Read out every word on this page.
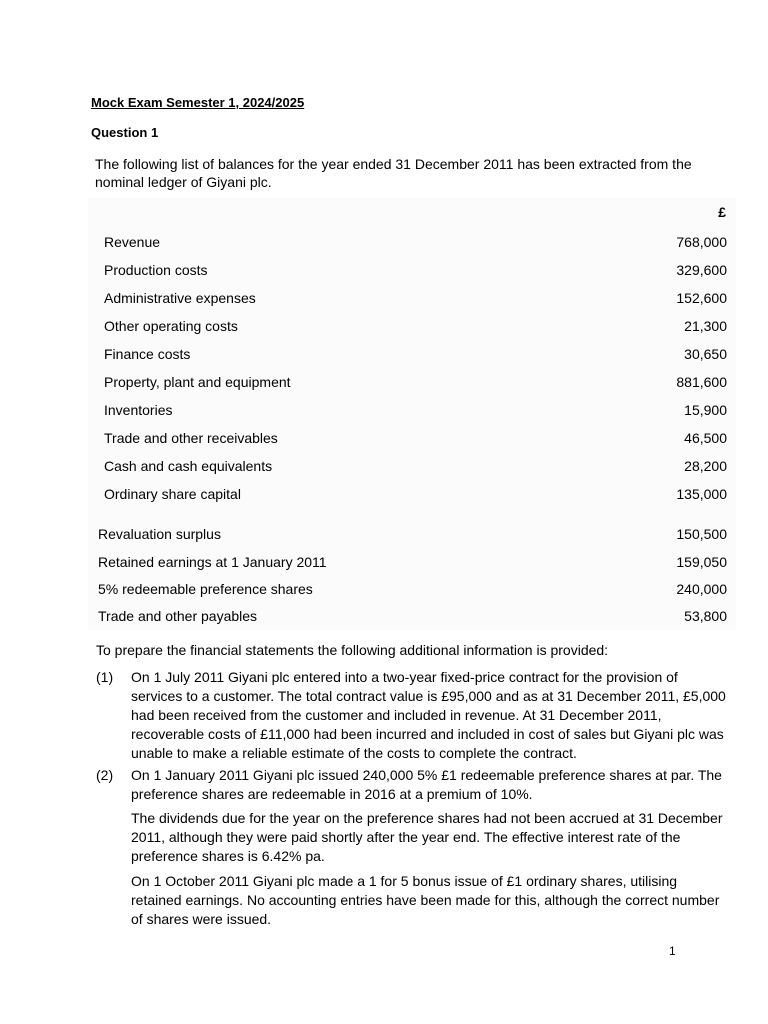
Mock Exam Semester 1, 2024/2025
Question 1
The following list of balances for the year ended 31 December 2011 has been extracted from the nominal ledger of Giyani plc.
£
Revenue	768,000
Production costs	329,600
Administrative expenses	152,600
Other operating costs	21,300
Finance costs	30,650
Property, plant and equipment	881,600
Inventories	15,900
Trade and other receivables	46,500
Cash and cash equivalents	28,200
Ordinary share capital	135,000
Revaluation surplus	150,500
Retained earnings at 1 January 2011	159,050
5% redeemable preference shares	240,000
Trade and other payables	53,800
To prepare the financial statements the following additional information is provided:
(1) On 1 July 2011 Giyani plc entered into a two-year fixed-price contract for the provision of services to a customer. The total contract value is £95,000 and as at 31 December 2011, £5,000 had been received from the customer and included in revenue. At 31 December 2011, recoverable costs of £11,000 had been incurred and included in cost of sales but Giyani plc was unable to make a reliable estimate of the costs to complete the contract.
(2) On 1 January 2011 Giyani plc issued 240,000 5% £1 redeemable preference shares at par. The preference shares are redeemable in 2016 at a premium of 10%.
The dividends due for the year on the preference shares had not been accrued at 31 December 2011, although they were paid shortly after the year end. The effective interest rate of the preference shares is 6.42% pa.
On 1 October 2011 Giyani plc made a 1 for 5 bonus issue of £1 ordinary shares, utilising retained earnings. No accounting entries have been made for this, although the correct number of shares were issued.
1
